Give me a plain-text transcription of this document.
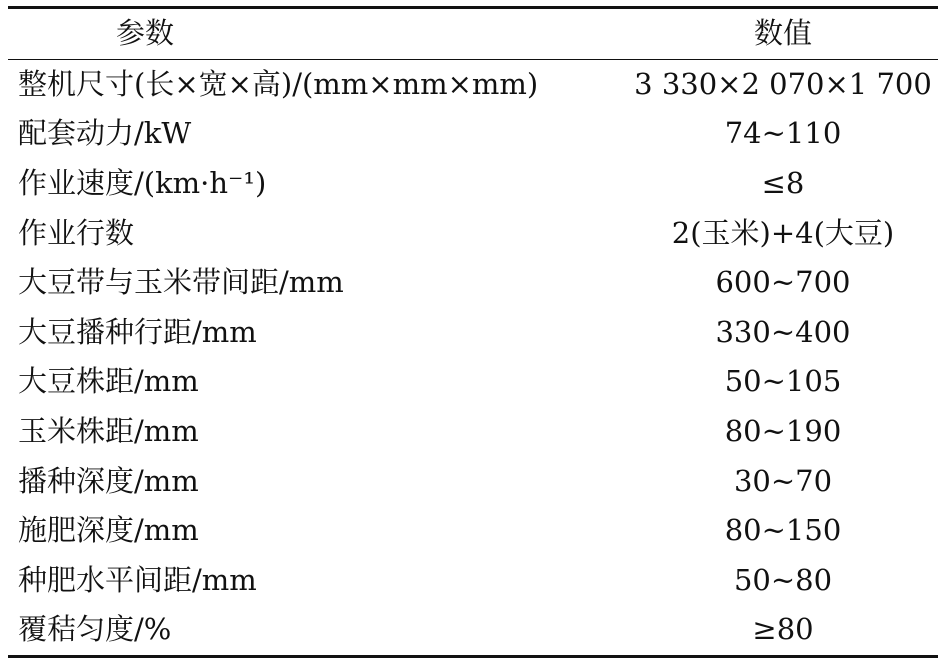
参数	数值
整机尺寸(长×宽×高)/(mm×mm×mm)	3 330×2 070×1 700
配套动力/kW	74~110
作业速度/(km·h⁻¹)	≤8
作业行数	2(玉米)+4(大豆)
大豆带与玉米带间距/mm	600~700
大豆播种行距/mm	330~400
大豆株距/mm	50~105
玉米株距/mm	80~190
播种深度/mm	30~70
施肥深度/mm	80~150
种肥水平间距/mm	50~80
覆秸匀度/%	≥80
